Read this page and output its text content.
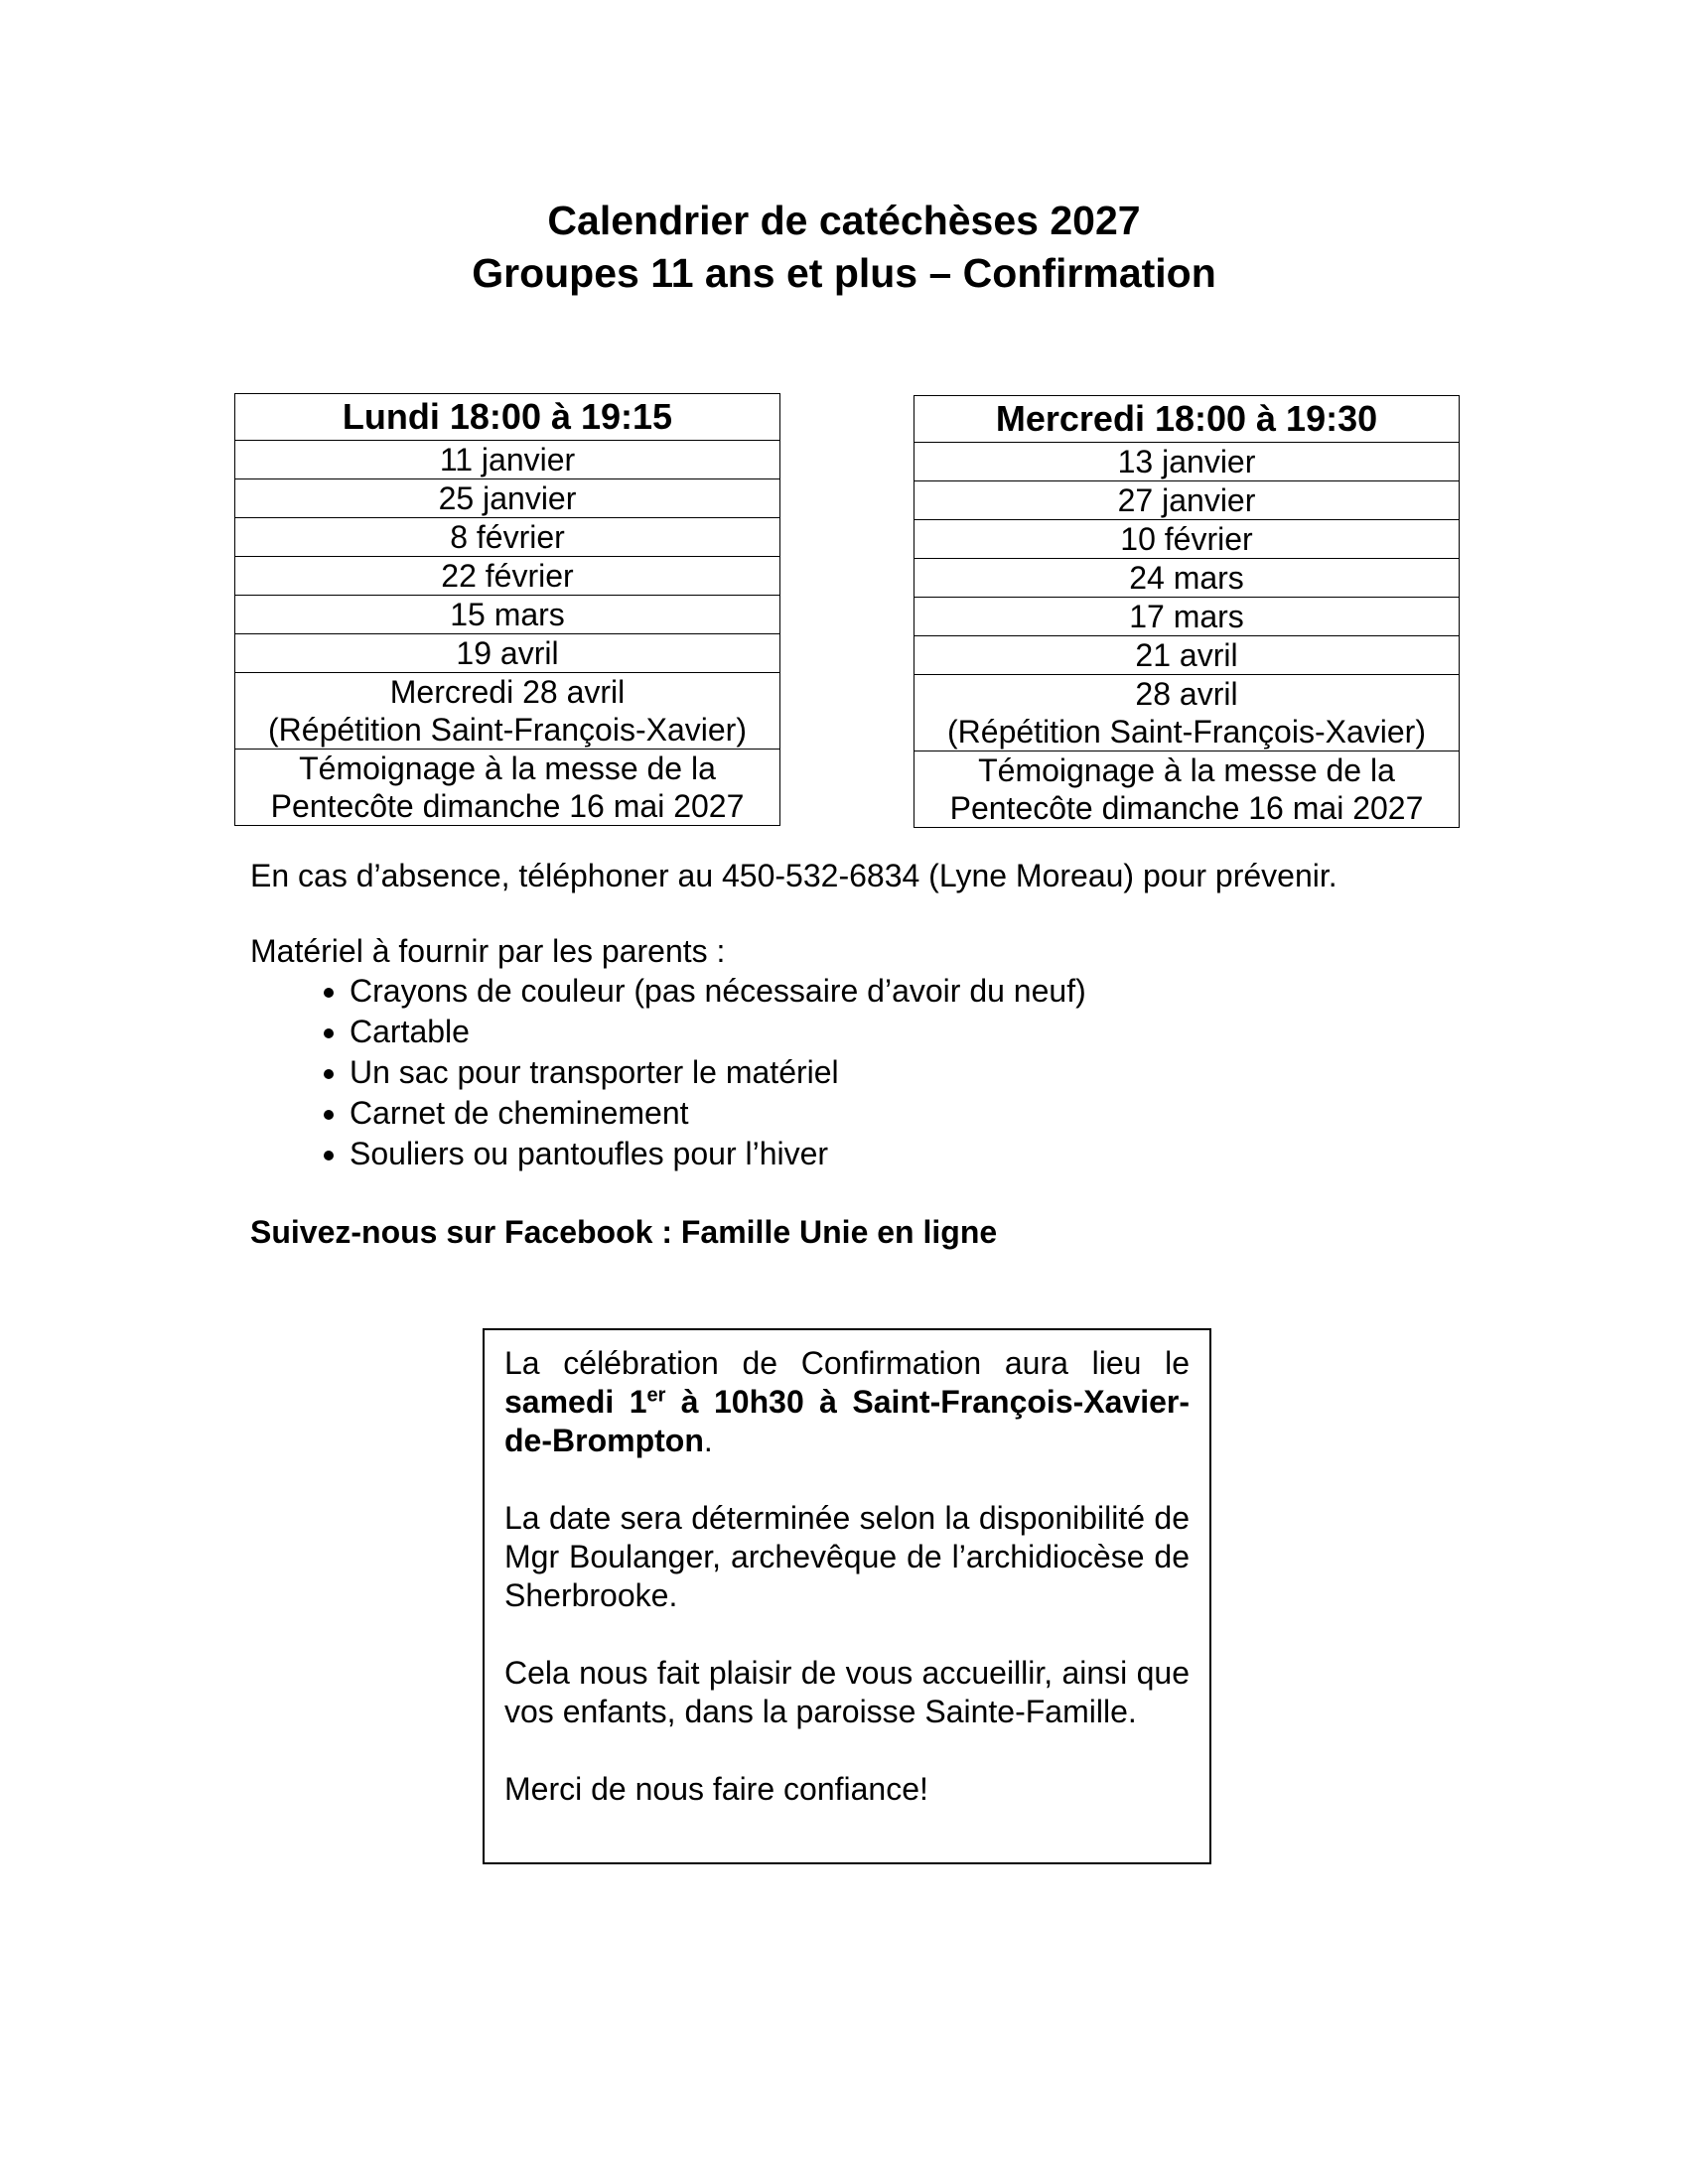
Calendrier de catéchèses 2027
Groupes 11 ans et plus – Confirmation
Lundi 18:00 à 19:15
11 janvier
25 janvier
8 février
22 février
15 mars
19 avril

Mercredi 28 avril
(Répétition Saint-François-Xavier)

Témoignage à la messe de la
Pentecôte dimanche 16 mai 2027
Mercredi 18:00 à 19:30
13 janvier
27 janvier
10 février
24 mars
17 mars
21 avril

28 avril
(Répétition Saint-François-Xavier)

Témoignage à la messe de la
Pentecôte dimanche 16 mai 2027

En cas d’absence, téléphoner au 450-532-6834 (Lyne Moreau) pour prévenir.

Matériel à fournir par les parents :

• Crayons de couleur (pas nécessaire d’avoir du neuf)
• Cartable
• Un sac pour transporter le matériel
• Carnet de cheminement
• Souliers ou pantoufles pour l’hiver

Suivez-nous sur Facebook : Famille Unie en ligne

La célébration de Confirmation aura lieu le samedi 1er à 10h30 à Saint-François-Xavier-de-Brompton.

La date sera déterminée selon la disponibilité de Mgr Boulanger, archevêque de l’archidiocèse de Sherbrooke.

Cela nous fait plaisir de vous accueillir, ainsi que vos enfants, dans la paroisse Sainte-Famille.

Merci de nous faire confiance!
